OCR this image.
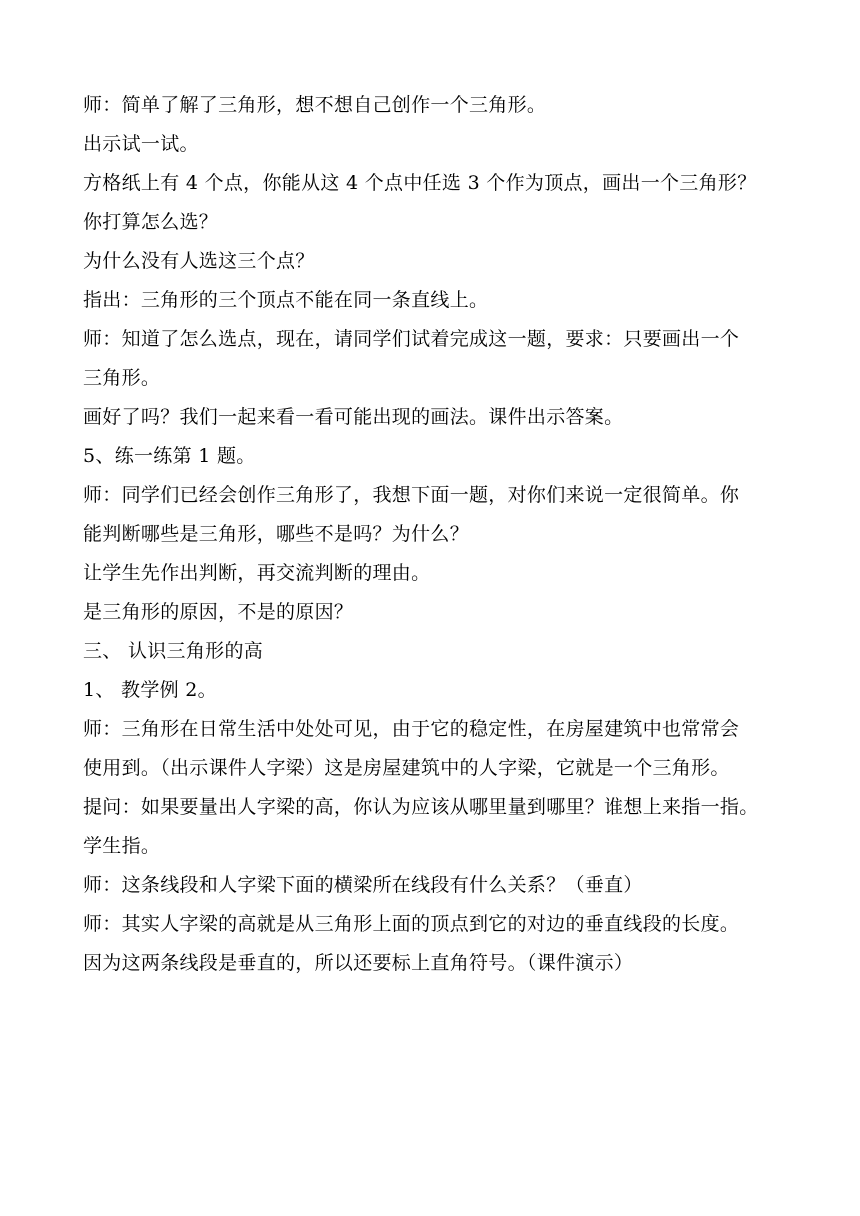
师：简单了解了三角形，想不想自己创作一个三角形。
出示试一试。
方格纸上有 4 个点，你能从这 4 个点中任选 3 个作为顶点，画出一个三角形？
你打算怎么选？
为什么没有人选这三个点？
指出：三角形的三个顶点不能在同一条直线上。
师：知道了怎么选点，现在，请同学们试着完成这一题，要求：只要画出一个
三角形。
画好了吗？我们一起来看一看可能出现的画法。课件出示答案。
5、练一练第 1 题。
师：同学们已经会创作三角形了，我想下面一题，对你们来说一定很简单。你
能判断哪些是三角形，哪些不是吗？为什么？
让学生先作出判断，再交流判断的理由。
是三角形的原因，不是的原因？
三、 认识三角形的高
1、 教学例 2。
师：三角形在日常生活中处处可见，由于它的稳定性，在房屋建筑中也常常会
使用到。（出示课件人字梁）这是房屋建筑中的人字梁，它就是一个三角形。
提问：如果要量出人字梁的高，你认为应该从哪里量到哪里？谁想上来指一指。
学生指。
师：这条线段和人字梁下面的横梁所在线段有什么关系？（垂直）
师：其实人字梁的高就是从三角形上面的顶点到它的对边的垂直线段的长度。
因为这两条线段是垂直的，所以还要标上直角符号。（课件演示）
